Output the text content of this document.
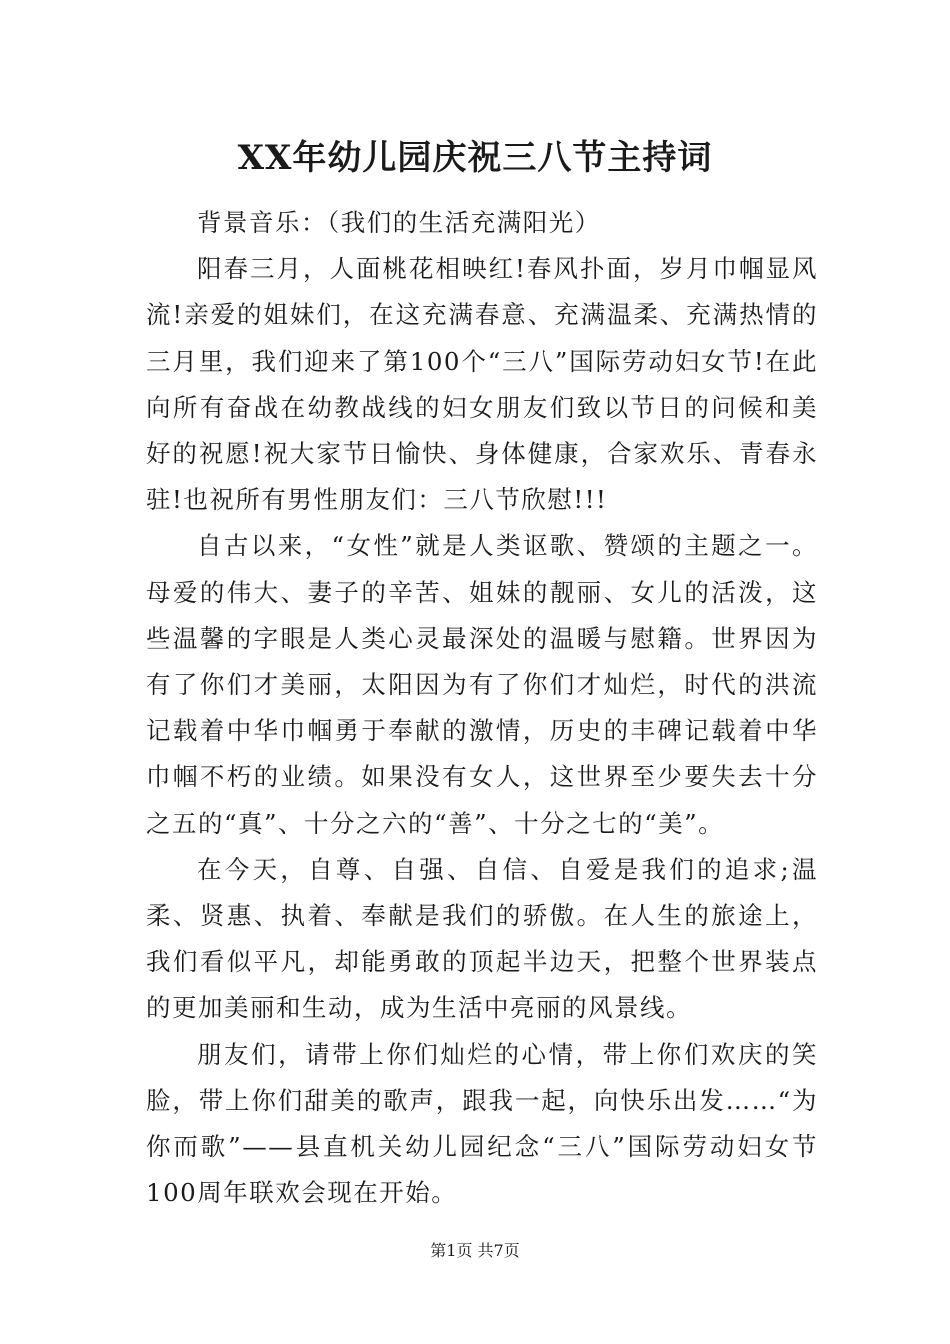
XX年幼儿园庆祝三八节主持词

背景音乐：（我们的生活充满阳光）

阳春三月，人面桃花相映红!春风扑面，岁月巾帼显风流!亲爱的姐妹们，在这充满春意、充满温柔、充满热情的三月里，我们迎来了第100个“三八”国际劳动妇女节!在此向所有奋战在幼教战线的妇女朋友们致以节日的问候和美好的祝愿!祝大家节日愉快、身体健康，合家欢乐、青春永驻!也祝所有男性朋友们：三八节欣慰!!!

自古以来，“女性”就是人类讴歌、赞颂的主题之一。母爱的伟大、妻子的辛苦、姐妹的靓丽、女儿的活泼，这些温馨的字眼是人类心灵最深处的温暖与慰籍。世界因为有了你们才美丽，太阳因为有了你们才灿烂，时代的洪流记载着中华巾帼勇于奉献的激情，历史的丰碑记载着中华巾帼不朽的业绩。如果没有女人，这世界至少要失去十分之五的“真”、十分之六的“善”、十分之七的“美”。

在今天，自尊、自强、自信、自爱是我们的追求;温柔、贤惠、执着、奉献是我们的骄傲。在人生的旅途上，我们看似平凡，却能勇敢的顶起半边天，把整个世界装点的更加美丽和生动，成为生活中亮丽的风景线。

朋友们，请带上你们灿烂的心情，带上你们欢庆的笑脸，带上你们甜美的歌声，跟我一起，向快乐出发……“为你而歌”——县直机关幼儿园纪念“三八”国际劳动妇女节100周年联欢会现在开始。

第1页 共7页
